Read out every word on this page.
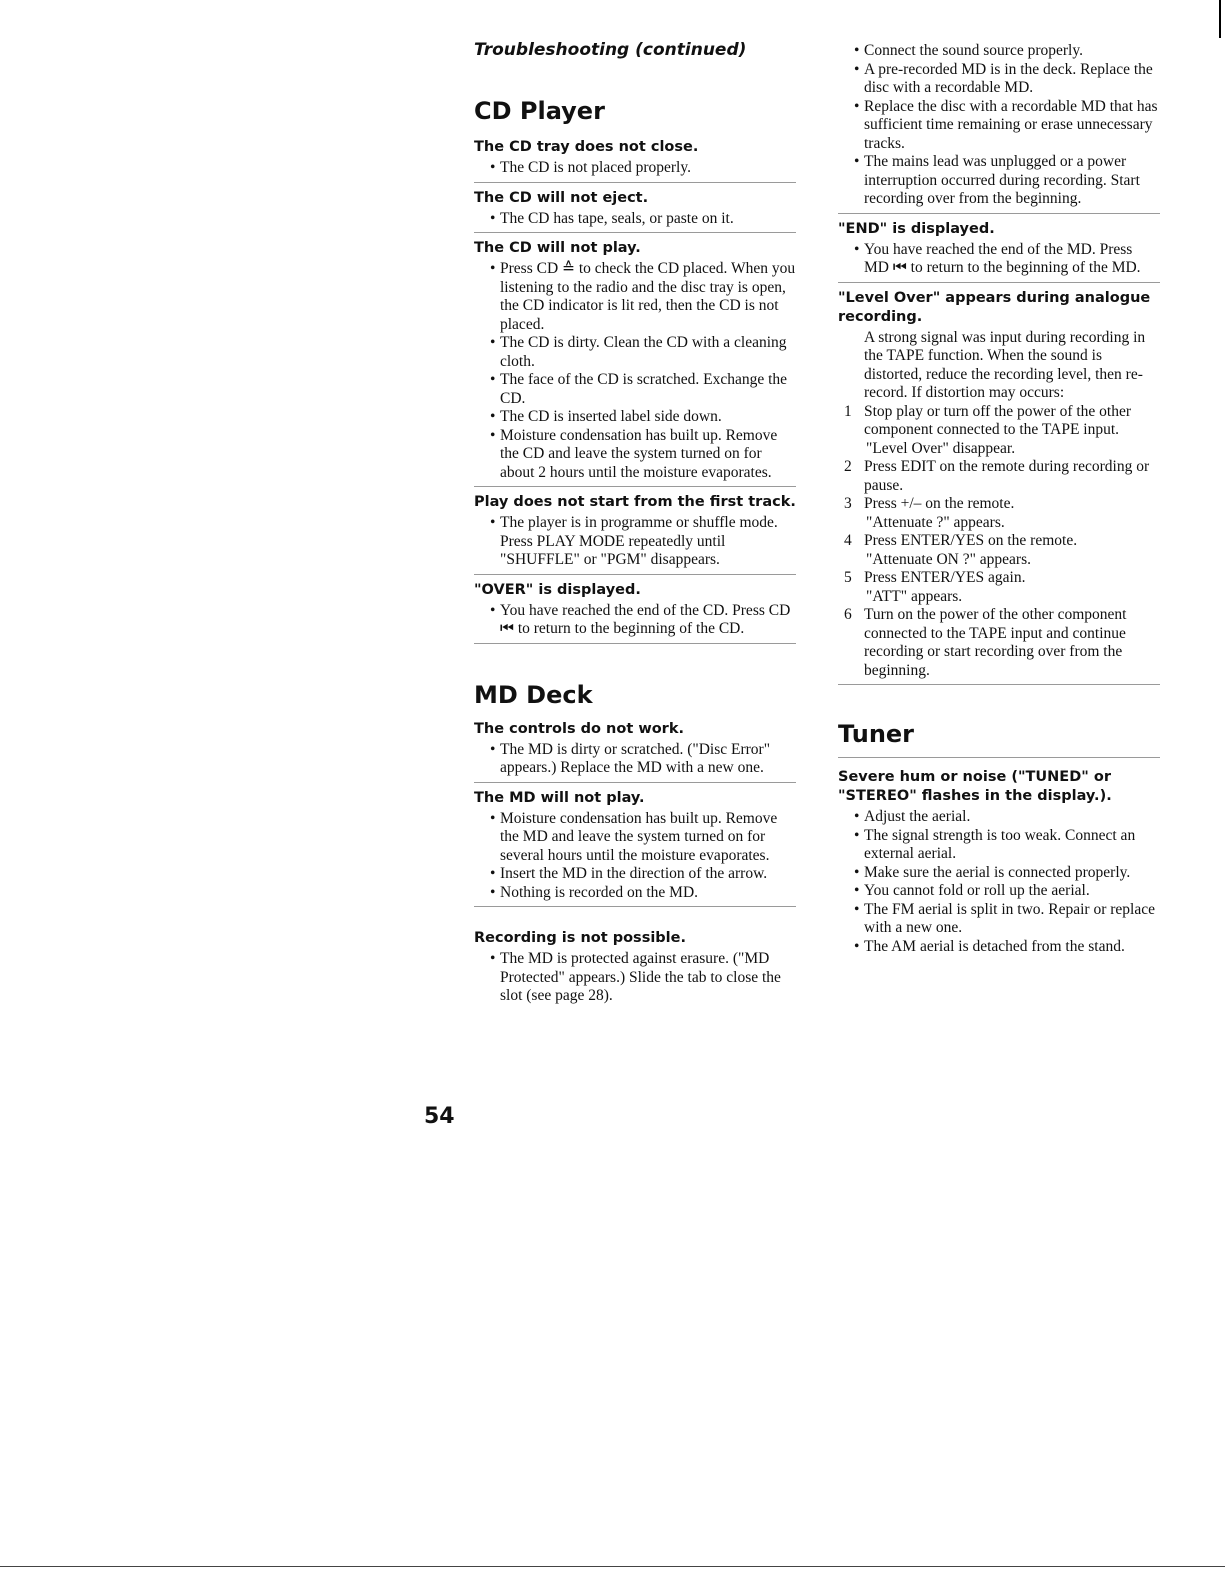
Troubleshooting (continued)
CD Player
The CD tray does not close.
• The CD is not placed properly.
The CD will not eject.
• The CD has tape, seals, or paste on it.
The CD will not play.
• Press CD ≙ to check the CD placed. When you listening to the radio and the disc tray is open, the CD indicator is lit red, then the CD is not placed.
• The CD is dirty. Clean the CD with a cleaning cloth.
• The face of the CD is scratched. Exchange the CD.
• The CD is inserted label side down.
• Moisture condensation has built up. Remove the CD and leave the system turned on for about 2 hours until the moisture evaporates.
Play does not start from the first track.
• The player is in programme or shuffle mode. Press PLAY MODE repeatedly until "SHUFFLE" or "PGM" disappears.
"OVER" is displayed.
• You have reached the end of the CD. Press CD ⏮ to return to the beginning of the CD.
MD Deck
The controls do not work.
• The MD is dirty or scratched. ("Disc Error" appears.) Replace the MD with a new one.
The MD will not play.
• Moisture condensation has built up. Remove the MD and leave the system turned on for several hours until the moisture evaporates.
• Insert the MD in the direction of the arrow.
• Nothing is recorded on the MD.
Recording is not possible.
• The MD is protected against erasure. ("MD Protected" appears.) Slide the tab to close the slot (see page 28).
• Connect the sound source properly.
• A pre-recorded MD is in the deck. Replace the disc with a recordable MD.
• Replace the disc with a recordable MD that has sufficient time remaining or erase unnecessary tracks.
• The mains lead was unplugged or a power interruption occurred during recording. Start recording over from the beginning.
"END" is displayed.
• You have reached the end of the MD. Press MD ⏮ to return to the beginning of the MD.
"Level Over" appears during analogue recording.

A strong signal was input during recording in the TAPE function. When the sound is distorted, reduce the recording level, then re-record. If distortion may occurs:

1 Stop play or turn off the power of the other component connected to the TAPE input.
"Level Over" disappear.
2 Press EDIT on the remote during recording or pause.
3 Press +/– on the remote.
"Attenuate ?" appears.
4 Press ENTER/YES on the remote.
"Attenuate ON ?" appears.
5 Press ENTER/YES again.
"ATT" appears.
6 Turn on the power of the other component connected to the TAPE input and continue recording or start recording over from the beginning.
Tuner
Severe hum or noise ("TUNED" or "STEREO" flashes in the display.).
• Adjust the aerial.
• The signal strength is too weak. Connect an external aerial.
• Make sure the aerial is connected properly.
• You cannot fold or roll up the aerial.
• The FM aerial is split in two. Repair or replace with a new one.
• The AM aerial is detached from the stand.
54
